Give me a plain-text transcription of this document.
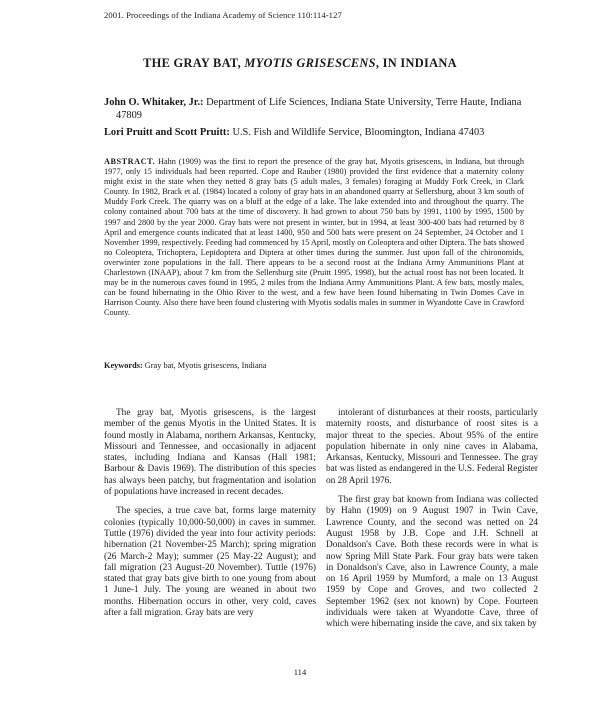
2001. Proceedings of the Indiana Academy of Science 110:114-127
THE GRAY BAT, MYOTIS GRISESCENS, IN INDIANA
John O. Whitaker, Jr.: Department of Life Sciences, Indiana State University, Terre Haute, Indiana 47809
Lori Pruitt and Scott Pruitt: U.S. Fish and Wildlife Service, Bloomington, Indiana 47403
ABSTRACT. Hahn (1909) was the first to report the presence of the gray bat, Myotis grisescens, in Indiana, but through 1977, only 15 individuals had been reported. Cope and Rauber (1980) provided the first evidence that a maternity colony might exist in the state when they netted 8 gray bats (5 adult males, 3 females) foraging at Muddy Fork Creek, in Clark County. In 1982, Brack et al. (1984) located a colony of gray bats in an abandoned quarry at Sellersburg, about 3 km south of Muddy Fork Creek. The quarry was on a bluff at the edge of a lake. The lake extended into and throughout the quarry. The colony contained about 700 bats at the time of discovery. It had grown to about 750 bats by 1991, 1100 by 1995, 1500 by 1997 and 2800 by the year 2000. Gray bats were not present in winter, but in 1994, at least 300-400 bats had returned by 8 April and emergence counts indicated that at least 1400, 950 and 500 bats were present on 24 September, 24 October and 1 November 1999, respectively. Feeding had commenced by 15 April, mostly on Coleoptera and other Diptera. The bats showed no Coleoptera, Trichoptera, Lepidoptera and Diptera at other times during the summer. Just upon fall of the chironomids, overwinter zone populations in the fall. There appears to be a second roost at the Indiana Army Ammunitions Plant at Charlestown (INAAP), about 7 km from the Sellersburg site (Pruitt 1995, 1998), but the actual roost has not been located. It may be in the numerous caves found in 1995, 2 miles from the Indiana Army Ammunitions Plant. A few bats, mostly males, can be found hibernating in the Ohio River to the west, and a few have been found hibernating in Twin Domes Cave in Harrison County. Also there have been found clustering with Myotis sodalis males in summer in Wyandotte Cave in Crawford County.
Keywords: Gray bat, Myotis grisescens, Indiana

The gray bat, Myotis grisescens, is the largest member of the genus Myotis in the United States. It is found mostly in Alabama, northern Arkansas, Kentucky, Missouri and Tennessee, and occasionally in adjacent states, including Indiana and Kansas (Hall 1981; Barbour & Davis 1969). The distribution of this species has always been patchy, but fragmentation and isolation of populations have increased in recent decades.

The species, a true cave bat, forms large maternity colonies (typically 10,000-50,000) in caves in summer. Tuttle (1976) divided the year into four activity periods: hibernation (21 November-25 March); spring migration (26 March-2 May); summer (25 May-22 August); and fall migration (23 August-20 November). Tuttle (1976) stated that gray bats give birth to one young from about 1 June-1 July. The young are weaned in about two months. Hibernation occurs in other, very cold, caves after a fall migration. Gray bats are very

intolerant of disturbances at their roosts, particularly maternity roosts, and disturbance of roost sites is a major threat to the species. About 95% of the entire population hibernate in only nine caves in Alabama, Arkansas, Kentucky, Missouri and Tennessee. The gray bat was listed as endangered in the U.S. Federal Register on 28 April 1976.

The first gray bat known from Indiana was collected by Hahn (1909) on 9 August 1907 in Twin Cave, Lawrence County, and the second was netted on 24 August 1958 by J.B. Cope and J.H. Schnell at Donaldson's Cave. Both these records were in what is now Spring Mill State Park. Four gray bats were taken in Donaldson's Cave, also in Lawrence County, a male on 16 April 1959 by Mumford, a male on 13 August 1959 by Cope and Groves, and two collected 2 September 1962 (sex not known) by Cope. Fourteen individuals were taken at Wyandotte Cave, three of which were hibernating inside the cave, and six taken by

114
